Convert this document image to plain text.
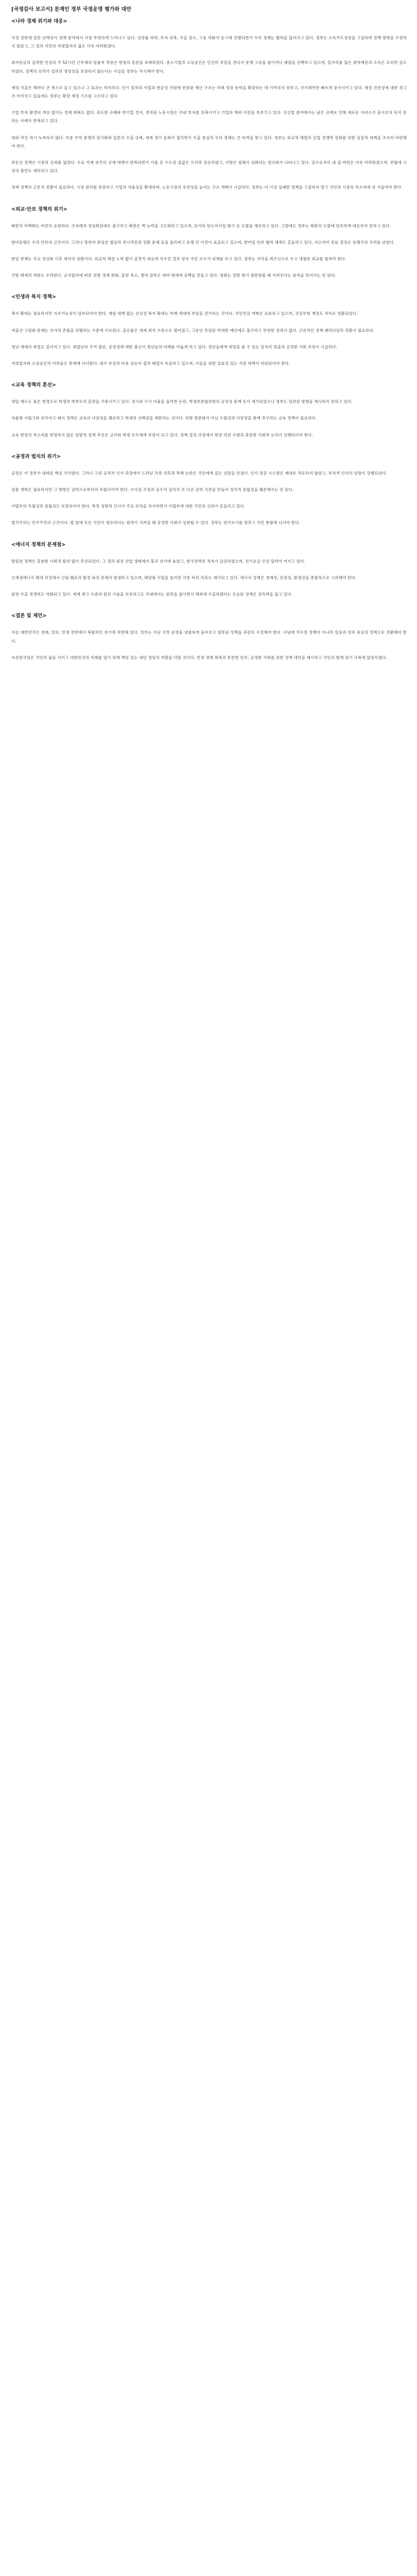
[국정감사 보고서] 문재인 정부 국정운영 평가와 대안
<나라 경제 위기와 대응>

국정 전반에 걸친 난맥상이 경제 분야에서 가장 뚜렷하게 드러나고 있다. 성장률 하락, 투자 위축, 수출 감소, 고용 악화가 동시에 진행되면서 우리 경제는 활력을 잃어가고 있다. 정부는 소득주도성장을 고집하며 정책 방향을 수정하지 않았고, 그 결과 서민과 자영업자의 삶은 더욱 어려워졌다.

최저임금의 급격한 인상과 주 52시간 근무제의 일률적 적용은 현장의 혼란을 초래하였다. 중소기업과 소상공인은 인건비 부담을 견디지 못해 고용을 줄이거나 폐업을 선택하고 있으며, 일자리를 잃은 취약계층의 소득은 오히려 감소하였다. 정책의 선의가 결과의 정당성을 보장하지 않는다는 사실을 정부는 직시해야 한다.

재정 지출은 해마다 큰 폭으로 늘고 있으나 그 효과는 미미하다. 단기 일자리 사업과 현금성 지원에 편중된 예산 구조는 미래 성장 동력을 확충하는 데 기여하지 못하고, 국가채무만 빠르게 증가시키고 있다. 재정 건전성에 대한 경고가 이어지고 있음에도 정부는 확장 재정 기조를 고수하고 있다.

기업 투자 환경의 개선 없이는 경제 회복도 없다. 과도한 규제와 반기업 정서, 경직된 노동시장은 국내 투자를 위축시키고 기업의 해외 이전을 부추기고 있다. 신산업 분야에서는 낡은 규제로 인해 새로운 서비스가 출시조차 되지 못하는 사례가 반복되고 있다.

대외 여건 역시 녹록하지 않다. 미중 무역 분쟁의 장기화와 일본의 수출 규제, 세계 경기 둔화가 겹치면서 수출 중심의 우리 경제는 큰 타격을 받고 있다. 정부는 외교적 해법과 산업 경쟁력 강화를 위한 실질적 대책을 조속히 마련해야 한다.

부동산 정책은 시장의 신뢰를 잃었다. 수요 억제 위주의 규제 대책이 반복되면서 서울 등 수도권 집값은 오히려 상승하였고, 지방은 침체가 심화되는 양극화가 나타나고 있다. 실수요자의 내 집 마련은 더욱 어려워졌으며, 전월세 시장의 불안도 계속되고 있다.

경제 정책의 근본적 전환이 필요하다. 시장 원리를 존중하고 기업의 자율성을 확대하며, 노동시장의 유연성을 높이는 구조 개혁이 시급하다. 정부는 더 이상 실패한 정책을 고집하지 말고 국민과 시장의 목소리에 귀 기울여야 한다.

<외교·안보 정책의 위기>

북한의 비핵화는 여전히 요원하다. 수차례의 정상회담에도 불구하고 북한은 핵 능력을 고도화하고 있으며, 단거리 탄도미사일 발사 등 도발을 계속하고 있다. 그럼에도 정부는 북한의 도발에 단호하게 대응하지 못하고 있다.

한미동맹은 우리 안보의 근간이다. 그러나 방위비 분담금 협상과 전시작전권 전환 문제 등을 둘러싸고 동맹 간 이견이 표출되고 있으며, 한미일 안보 협력 체계도 흔들리고 있다. 지소미아 종료 결정은 동맹국의 우려를 낳았다.

한일 관계는 국교 정상화 이후 최악의 상황이다. 외교적 해결 노력 없이 감정적 대응에 치우친 결과 양국 국민 모두가 피해를 보고 있다. 정부는 국익을 최우선으로 두고 냉철한 외교를 펼쳐야 한다.

국방 태세의 약화도 우려된다. 군사합의에 따른 전방 경계 완화, 훈련 축소, 병력 감축은 대비 태세에 공백을 만들고 있다. 평화는 강한 힘이 뒷받침될 때 지켜진다는 원칙을 잊어서는 안 된다.

<민생과 복지 정책>

복지 확대는 필요하지만 지속가능성이 담보되어야 한다. 재원 대책 없는 선심성 복지 확대는 미래 세대에 부담을 전가하는 것이다. 국민연금 개혁은 표류하고 있으며, 건강보험 재정도 적자로 전환되었다.

저출산·고령화 문제는 국가의 존립을 위협하는 수준에 이르렀다. 출산율은 세계 최저 수준으로 떨어졌고, 그동안 투입된 막대한 예산에도 불구하고 뚜렷한 성과가 없다. 근본적인 정책 패러다임의 전환이 필요하다.

청년 세대의 좌절도 깊어지고 있다. 취업난과 주거 불안, 공정성에 대한 불신이 청년들의 미래를 어둡게 하고 있다. 청년들에게 희망을 줄 수 있는 일자리 창출과 공정한 기회 보장이 시급하다.

자영업자와 소상공인의 어려움은 한계에 다다랐다. 내수 부진과 비용 상승이 겹쳐 폐업이 속출하고 있으며, 이들을 위한 실효성 있는 지원 대책이 마련되어야 한다.

<교육 정책의 혼선>

대입 제도는 잦은 변경으로 학생과 학부모의 혼란을 가중시키고 있다. 정시와 수시 비율을 둘러싼 논란, 학생부종합전형의 공정성 문제 등이 제기되었으나 정부는 일관된 방향을 제시하지 못하고 있다.

자율형 사립고와 외국어고 폐지 정책은 교육의 다양성을 훼손하고 학생의 선택권을 제한하는 것이다. 하향 평준화가 아닌 수월성과 다양성을 함께 추구하는 교육 정책이 필요하다.

교육 현장의 목소리를 반영하지 않은 일방적 정책 추진은 교사와 학생 모두에게 부담이 되고 있다. 정책 결정 과정에서 현장 의견 수렴과 충분한 사회적 논의가 선행되어야 한다.

<공정과 법치의 위기>

공정은 이 정부가 내세운 핵심 가치였다. 그러나 고위 공직자 인사 과정에서 드러난 각종 의혹과 특혜 논란은 국민에게 깊은 실망을 안겼다. 인사 검증 시스템은 제대로 작동하지 않았고, 부적격 인사의 임명이 강행되었다.

검찰 개혁은 필요하지만 그 방향은 권력으로부터의 독립이어야 한다. 수사권 조정과 공수처 설치가 또 다른 권력 기관을 만들어 정치적 중립성을 훼손해서는 안 된다.

사법부의 독립성과 중립성도 보장되어야 한다. 특정 성향의 인사가 주요 보직을 차지하면서 사법부에 대한 국민의 신뢰가 흔들리고 있다.

법치주의는 민주주의의 근간이다. 법 앞에 모든 국민이 평등하다는 원칙이 지켜질 때 공정한 사회가 실현될 수 있다. 정부는 편가르기를 멈추고 국민 통합에 나서야 한다.

<에너지 정책의 문제점>

탈원전 정책은 충분한 사회적 합의 없이 추진되었다. 그 결과 원전 산업 생태계가 붕괴 위기에 놓였고, 한국전력의 적자가 급증하였으며, 전기요금 인상 압력이 커지고 있다.

신재생에너지 확대 과정에서 산림 훼손과 환경 파괴 문제가 발생하고 있으며, 태양광 사업을 둘러싼 각종 비리 의혹도 제기되고 있다. 에너지 정책은 경제성, 안정성, 환경성을 종합적으로 고려해야 한다.

원전 수출 경쟁력도 약화되고 있다. 세계 최고 수준의 원전 기술을 보유하고도 국내에서는 원전을 줄이면서 해외에 수출하겠다는 모순된 정책은 설득력을 잃고 있다.

<결론 및 제언>

지금 대한민국은 경제, 안보, 민생 전반에서 복합적인 위기에 직면해 있다. 정부는 지난 국정 운영을 냉철하게 돌아보고 잘못된 정책을 과감히 수정해야 한다. 이념에 치우친 정책이 아니라 실용과 성과 중심의 정책으로 전환해야 한다.

자유한국당은 국민의 삶을 지키고 대한민국의 미래를 열기 위해 책임 있는 대안 정당의 역할을 다할 것이다. 민생 경제 회복과 튼튼한 안보, 공정한 사회를 위한 정책 대안을 제시하고 국민과 함께 위기 극복에 앞장서겠다.
